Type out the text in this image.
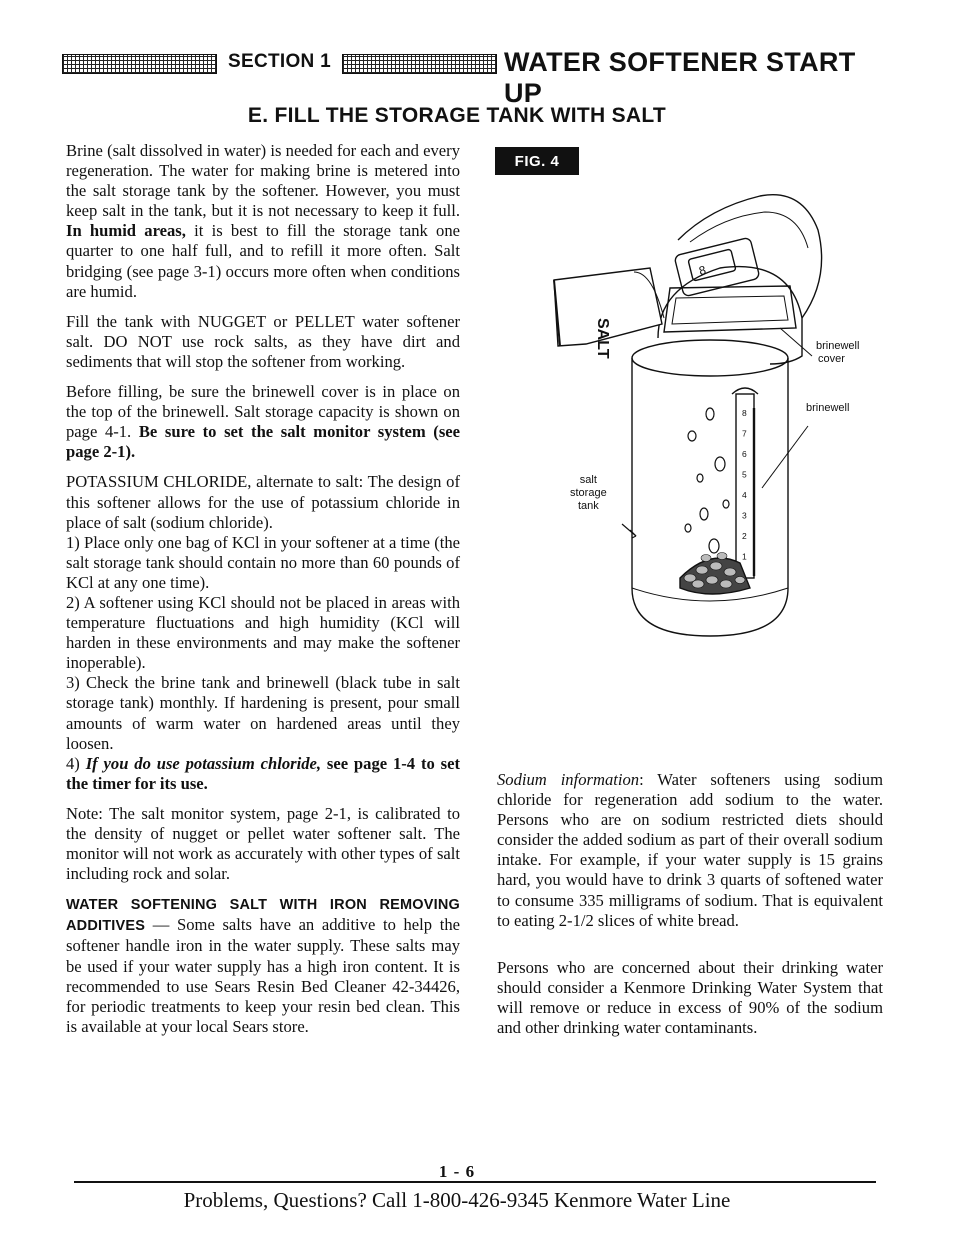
SECTION 1	WATER SOFTENER START UP
E. FILL THE STORAGE TANK WITH SALT

Brine (salt dissolved in water) is needed for each and every regeneration. The water for making brine is metered into the salt storage tank by the softener. However, you must keep salt in the tank, but it is not necessary to keep it full. In humid areas, it is best to fill the storage tank one quarter to one half full, and to refill it more often. Salt bridging (see page 3-1) occurs more often when conditions are humid.

Fill the tank with NUGGET or PELLET water softener salt. DO NOT use rock salts, as they have dirt and sediments that will stop the softener from working.

Before filling, be sure the brinewell cover is in place on the top of the brinewell. Salt storage capacity is shown on page 4-1. Be sure to set the salt monitor system (see page 2-1).

POTASSIUM CHLORIDE, alternate to salt: The design of this softener allows for the use of potassium chloride in place of salt (sodium chloride).

1) Place only one bag of KCl in your softener at a time (the salt storage tank should contain no more than 60 pounds of KCl at any one time).

2) A softener using KCl should not be placed in areas with temperature fluctuations and high humidity (KCl will harden in these environments and may make the softener inoperable).

3) Check the brine tank and brinewell (black tube in salt storage tank) monthly. If hardening is present, pour small amounts of warm water on hardened areas until they loosen.

4) If you do use potassium chloride, see page 1-4 to set the timer for its use.

Note: The salt monitor system, page 2-1, is calibrated to the density of nugget or pellet water softener salt. The monitor will not work as accurately with other types of salt including rock and solar.

WATER SOFTENING SALT WITH IRON REMOVING ADDITIVES — Some salts have an additive to help the softener handle iron in the water supply. These salts may be used if your water supply has a high iron content. It is recommended to use Sears Resin Bed Cleaner 42-34426, for periodic treatments to keep your resin bed clean. This is available at your local Sears store.

FIG. 4
8
SALT
8
7
6
5
4
3
2
1
brinewell
cover
brinewell
salt
storage
tank

Sodium information: Water softeners using sodium chloride for regeneration add sodium to the water. Persons who are on sodium restricted diets should consider the added sodium as part of their overall sodium intake. For example, if your water supply is 15 grains hard, you would have to drink 3 quarts of softened water to consume 335 milligrams of sodium. That is equivalent to eating 2-1/2 slices of white bread.

Persons who are concerned about their drinking water should consider a Kenmore Drinking Water System that will remove or reduce in excess of 90% of the sodium and other drinking water contaminants.

1 - 6
Problems, Questions? Call 1-800-426-9345 Kenmore Water Line
